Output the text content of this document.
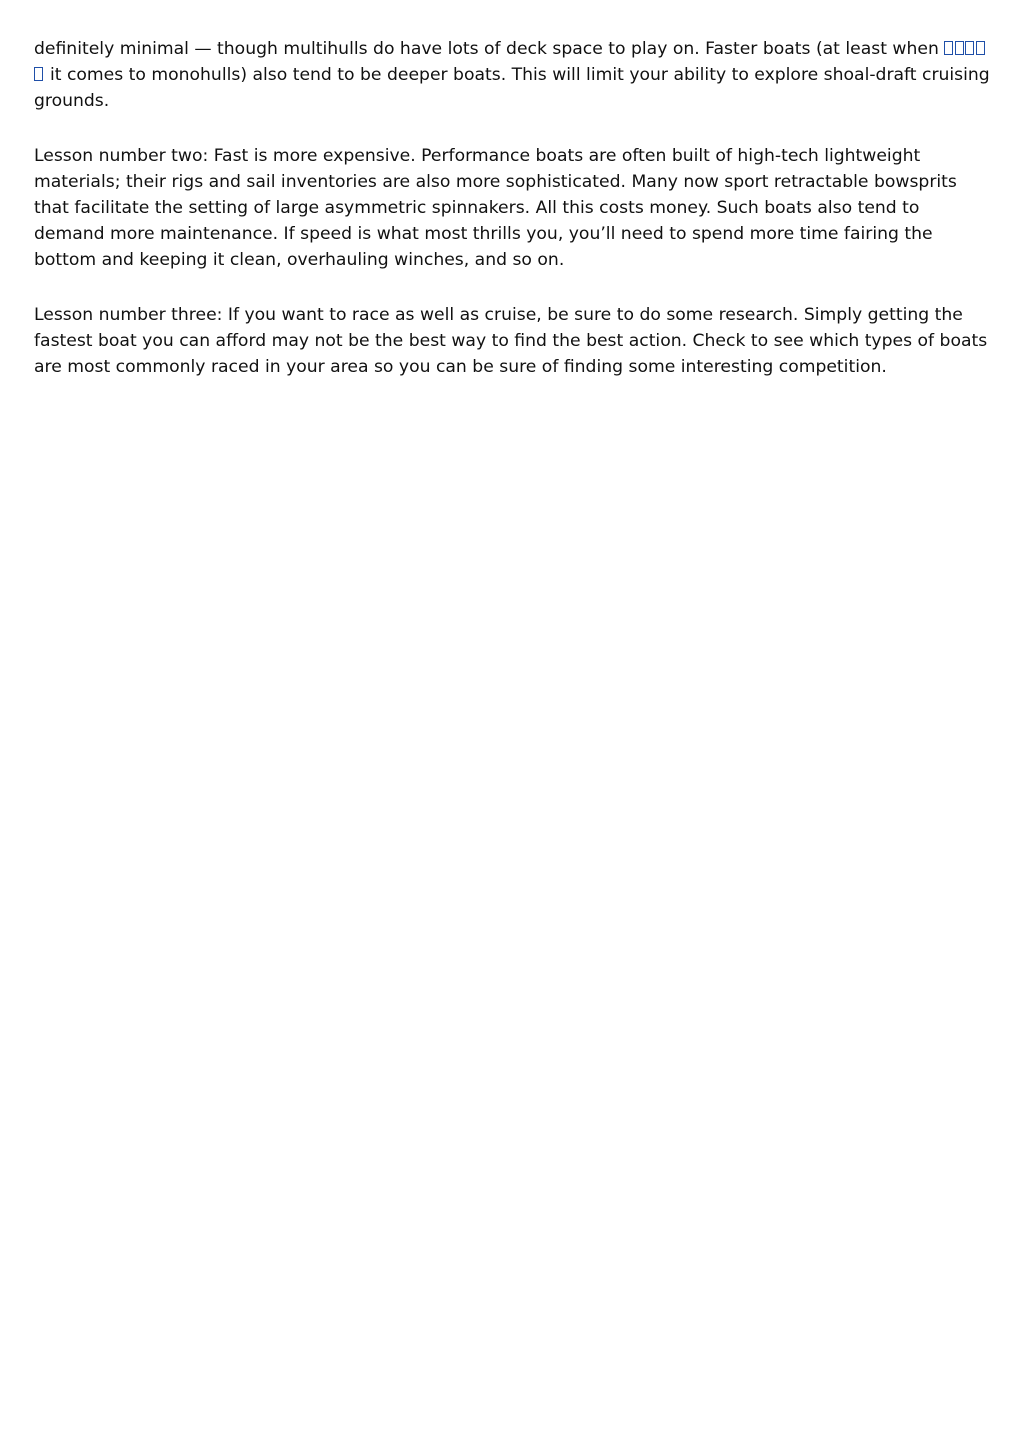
definitely minimal — though multihulls do have lots of deck space to play on. Faster boats (at least when
it comes to monohulls) also tend to be deeper boats. This will limit your ability to explore shoal-draft cruising grounds.

Lesson number two: Fast is more expensive. Performance boats are often built of high-tech lightweight materials; their rigs and sail inventories are also more sophisticated. Many now sport retractable bowsprits that facilitate the setting of large asymmetric spinnakers. All this costs money. Such boats also tend to demand more maintenance. If speed is what most thrills you, you’ll need to spend more time fairing the bottom and keeping it clean, overhauling winches, and so on.

Lesson number three: If you want to race as well as cruise, be sure to do some research. Simply getting the fastest boat you can afford may not be the best way to find the best action. Check to see which types of boats are most commonly raced in your area so you can be sure of finding some interesting competition.
